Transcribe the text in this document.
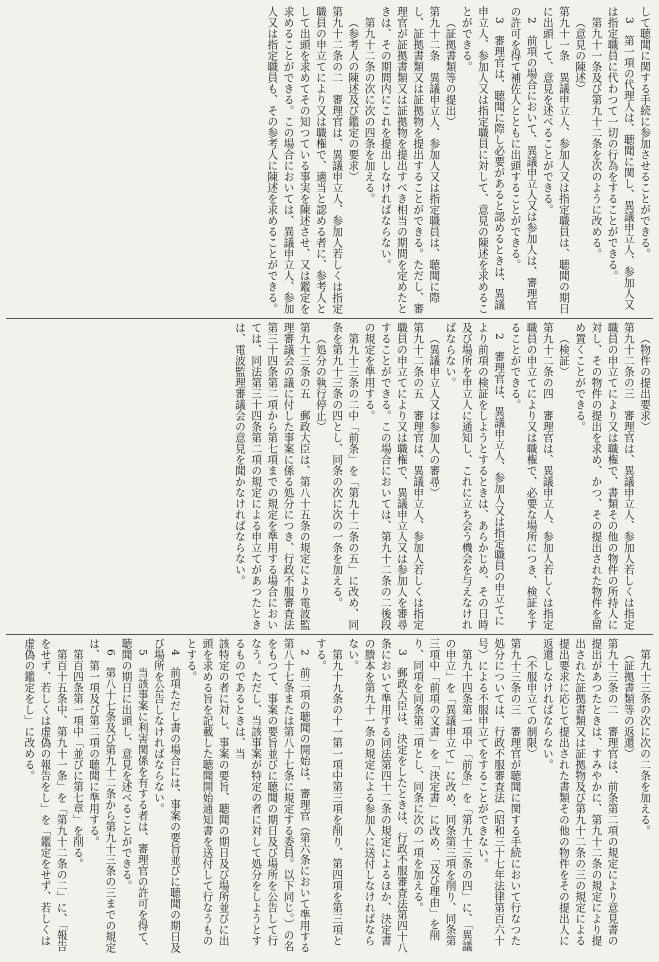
して聴聞に関する手続に参加させることができる。

3　第一項の代理人は、聴聞に関し、異議申立人、参加人又は指定職員に代わつて一切の行為をすることができる。

第九十一条及び第九十二条を次のように改める。

（意見の陳述）

第九十一条　異議申立人、参加人又は指定職員は、聴聞の期日に出頭して、意見を述べることができる。

2　前項の場合において、異議申立人又は参加人は、審理官の許可を得て補佐人とともに出頭することができる。

3　審理官は、聴聞に際し必要があると認めるときは、異議申立人、参加人又は指定職員に対して、意見の陳述を求めることができる。

（証拠書類等の提出）

第九十二条　異議申立人、参加人又は指定職員は、聴聞に際し、証拠書類又は証拠物を提出することができる。ただし、審理官が証拠書類又は証拠物を提出すべき相当の期間を定めたときは、その期間内にこれを提出しなければならない。

第九十二条の次に次の四条を加える。

（参考人の陳述及び鑑定の要求）

第九十二条の二　審理官は、異議申立人、参加人若しくは指定職員の申立てにより又は職権で、適当と認める者に、参考人として出頭を求めてその知つている事実を陳述させ、又は鑑定を求めることができる。この場合においては、異議申立人、参加人又は指定職員も、その参考人に陳述を求めることができる。

（物件の提出要求）

第九十二条の三　審理官は、異議申立人、参加人若しくは指定職員の申立てにより又は職権で、書類その他の物件の所持人に対し、その物件の提出を求め、かつ、その提出された物件を留め置くことができる。

（検証）

第九十二条の四　審理官は、異議申立人、参加人若しくは指定職員の申立てにより又は職権で、必要な場所につき、検証をすることができる。

2　審理官は、異議申立人、参加人又は指定職員の申立てにより前項の検証をしようとするときは、あらかじめ、その日時及び場所を申立人に通知し、これに立ち会う機会を与えなければならない。

（異議申立人又は参加人の審尋）

第九十二条の五　審理官は、異議申立人、参加人若しくは指定職員の申立てにより又は職権で、異議申立人又は参加人を審尋することができる。この場合においては、第九十二条の二後段の規定を準用する。

第九十三条の二中「前条」を「第九十二条の五」に改め、同条を第九十三条の四とし、同条の次に次の一条を加える。

（処分の執行停止）

第九十三条の五　郵政大臣は、第八十五条の規定により電波監理審議会の議に付した事案に係る処分につき、行政不服審査法第三十四条第二項から第七項までの規定を準用する場合においては、同法第三十四条第二項の規定による申立てがあつたときは、電波監理審議会の意見を聞かなければならない。

第九十三条の次に次の二条を加える。

（証拠書類等の返還）

第九十三条の二　審理官は、前条第二項の規定により意見書の提出があつたときは、すみやかに、第九十二条の規定により提出された証拠書類又は証拠物及び第九十二条の三の規定による提出要求に応じて提出された書類その他の物件をその提出人に返還しなければならない。

（不服申立ての制限）

第九十三条の三　審理官が聴聞に関する手続において行なつた処分については、行政不服審査法（昭和三十七年法律第百六十号）による不服申立てをすることができない。

第九十四条第一項中「前条」を「第九十三条の四」に、「異議の申立」を「異議申立て」に改め、同条第三項を削り、同条第三項中「前項の文書」を「決定書」に改め、「及び理由」を削り、同項を同条第二項とし、同条に次の一項を加える。

3　郵政大臣は、決定をしたときは、行政不服審査法第四十八条において準用する同法第四十二条の規定によるほか、決定書の謄本を第九十一条の規定による参加人に送付しなければならない。

第九十九条の十一第一項中第三項を削り、第四項を第三項とする。

2　前二項の聴聞の開始は、審理官（第六条において準用する第八十七条または第八十七条に規定する委員。以下同じ。）の名をもつて、事案の要旨並びに聴聞の期日及び場所を公告して行なう。ただし、当該事案が特定の者に対して処分をしようとするものであるときは、当

該特定の者に対し、事案の要旨、聴聞の期日及び場所並びに出頭を求める旨を記載した聴聞開始通知書を送付して行なうものとする。

4　前項ただし書の場合には、事案の要旨並びに聴聞の期日及び場所を公告しなければならない。

5　当該事案に利害関係を有する者は、審理官の許可を得て、聴聞の期日に出頭し、意見を述べることができる。

6　第八十七条及び第九十二条から第九十三条の三までの規定は、第一項及び第二項の聴聞に準用する。

第百四条第一項中「並びに第七章」を削る。

第百十五条中、第九十一条」を「第九十二条の二」に、「報告をせず、若しくは虚偽の報告をし」を「鑑定をせず、若しくは虚偽の鑑定をし」に改める。
